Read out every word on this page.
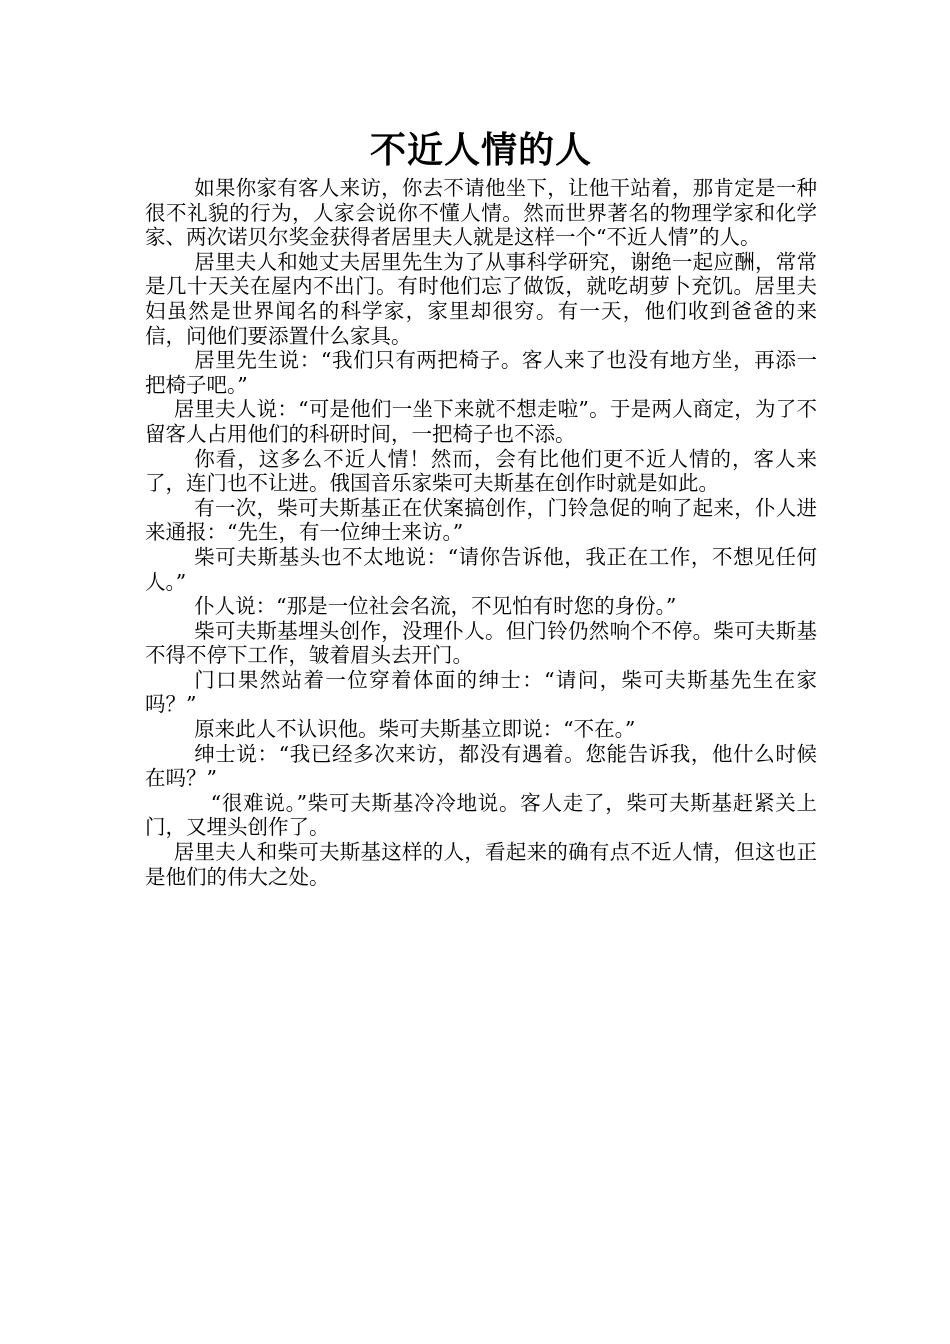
不近人情的人

如果你家有客人来访，你去不请他坐下，让他干站着，那肯定是一种很不礼貌的行为，人家会说你不懂人情。然而世界著名的物理学家和化学家、两次诺贝尔奖金获得者居里夫人就是这样一个“不近人情”的人。

居里夫人和她丈夫居里先生为了从事科学研究，谢绝一起应酬，常常是几十天关在屋内不出门。有时他们忘了做饭，就吃胡萝卜充饥。居里夫妇虽然是世界闻名的科学家，家里却很穷。有一天，他们收到爸爸的来信，问他们要添置什么家具。

居里先生说：“我们只有两把椅子。客人来了也没有地方坐，再添一把椅子吧。”

居里夫人说：“可是他们一坐下来就不想走啦”。于是两人商定，为了不留客人占用他们的科研时间，一把椅子也不添。

你看，这多么不近人情！然而，会有比他们更不近人情的，客人来了，连门也不让进。俄国音乐家柴可夫斯基在创作时就是如此。

有一次，柴可夫斯基正在伏案搞创作，门铃急促的响了起来，仆人进来通报：“先生，有一位绅士来访。”

柴可夫斯基头也不太地说：“请你告诉他，我正在工作，不想见任何人。”

仆人说：“那是一位社会名流，不见怕有时您的身份。”

柴可夫斯基埋头创作，没理仆人。但门铃仍然响个不停。柴可夫斯基不得不停下工作，皱着眉头去开门。

门口果然站着一位穿着体面的绅士：“请问，柴可夫斯基先生在家吗？”

原来此人不认识他。柴可夫斯基立即说：“不在。”

绅士说：“我已经多次来访，都没有遇着。您能告诉我，他什么时候在吗？”

“很难说。”柴可夫斯基冷冷地说。客人走了，柴可夫斯基赶紧关上门，又埋头创作了。

居里夫人和柴可夫斯基这样的人，看起来的确有点不近人情，但这也正是他们的伟大之处。
